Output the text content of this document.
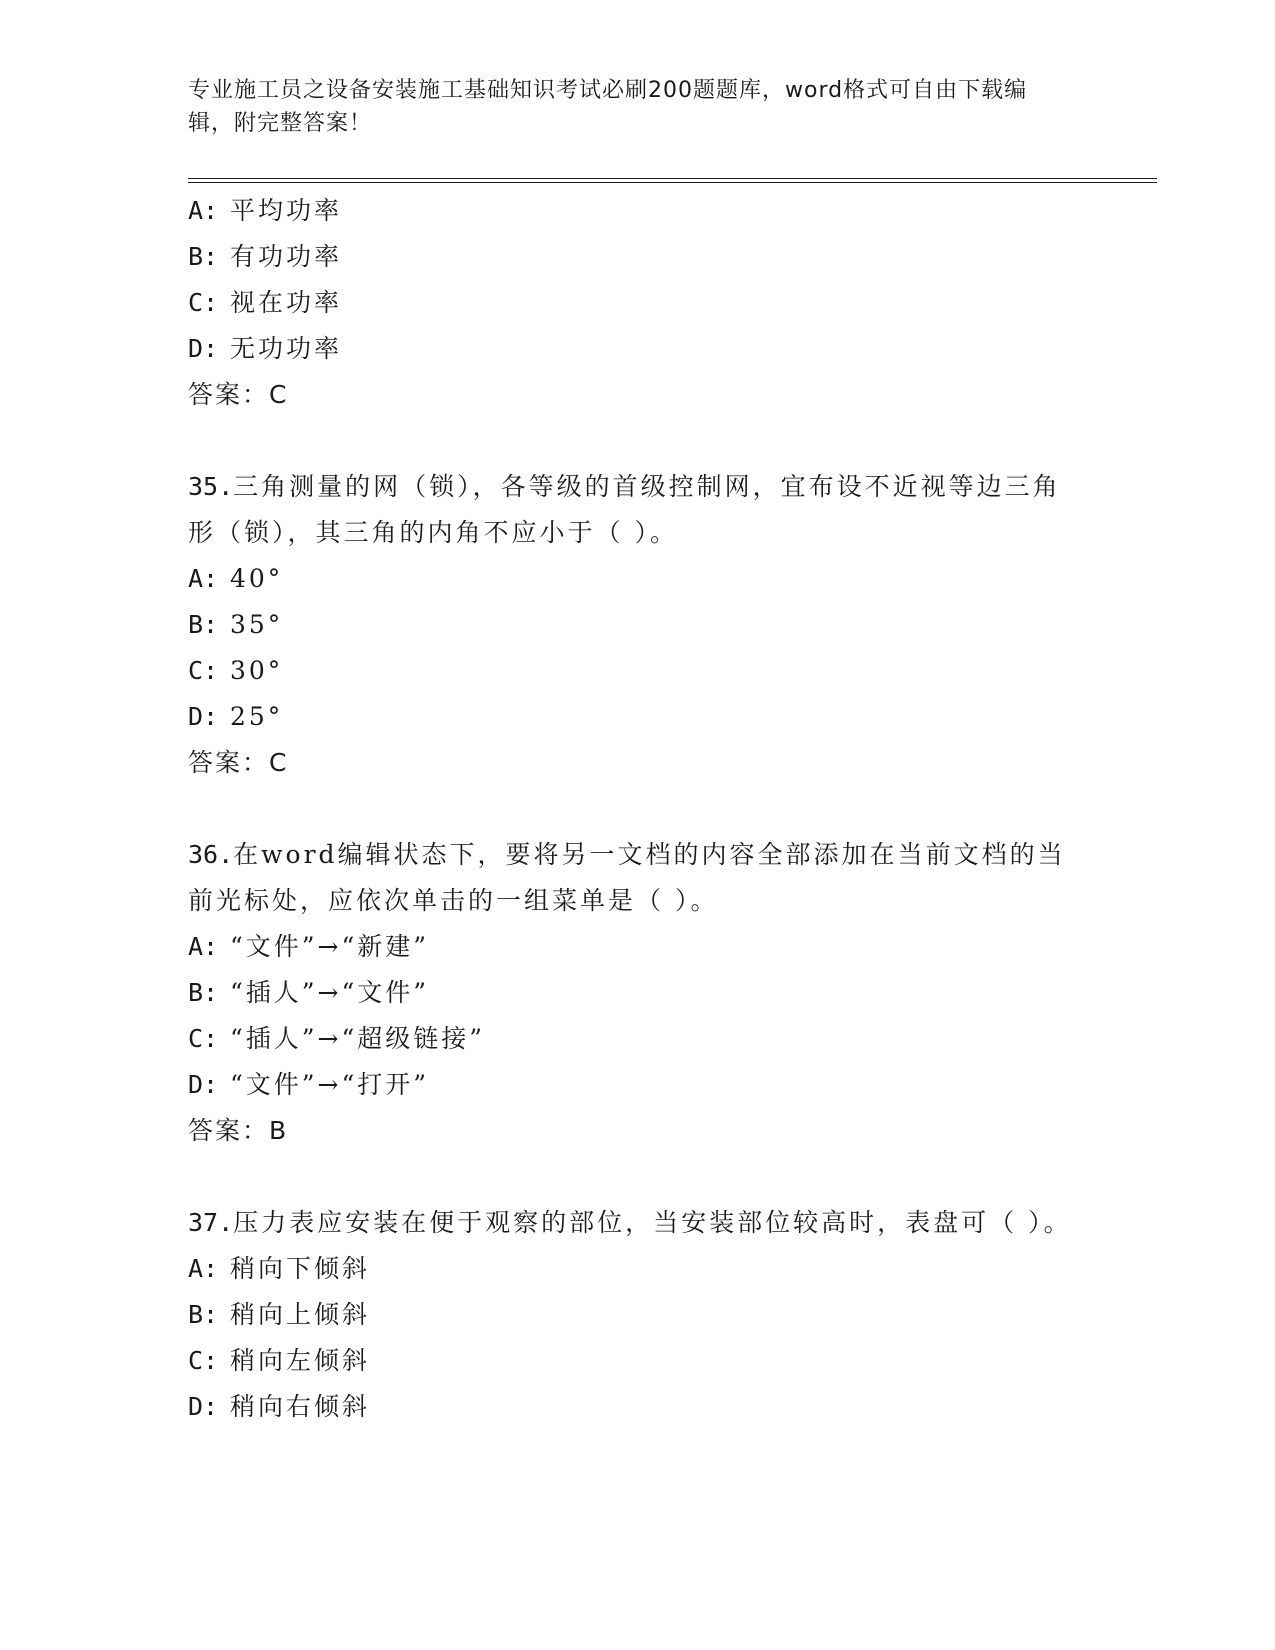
专业施工员之设备安装施工基础知识考试必刷200题题库，word格式可自由下载编辑，附完整答案！
A: 平均功率
B: 有功功率
C: 视在功率
D: 无功功率
答案：C
35.三角测量的网（锁），各等级的首级控制网，宜布设不近视等边三角形（锁），其三角的内角不应小于（ ）。
A: 40°
B: 35°
C: 30°
D: 25°
答案：C
36.在word编辑状态下，要将另一文档的内容全部添加在当前文档的当前光标处，应依次单击的一组菜单是（ ）。
A: “文件”→“新建”
B: “插人”→“文件”
C: “插人”→“超级链接”
D: “文件”→“打开”
答案：B
37.压力表应安装在便于观察的部位，当安装部位较高时，表盘可（ ）。
A: 稍向下倾斜
B: 稍向上倾斜
C: 稍向左倾斜
D: 稍向右倾斜
